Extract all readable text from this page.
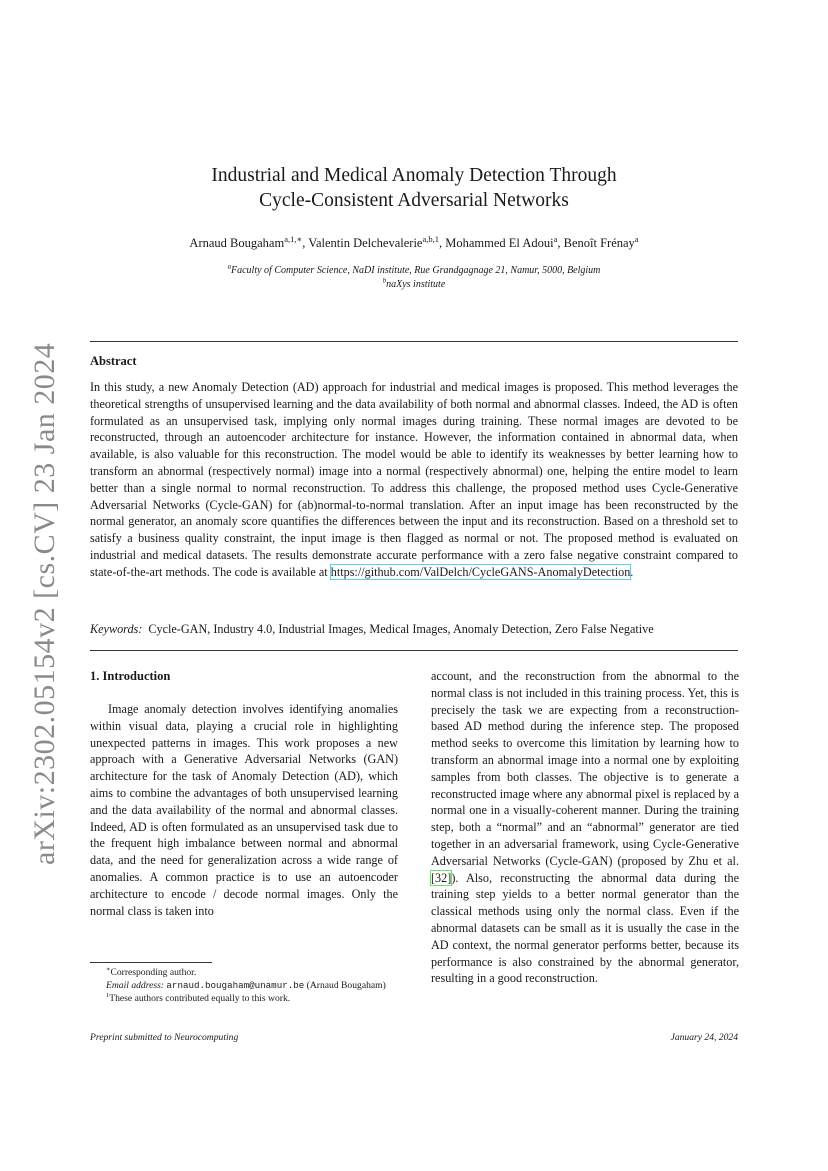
arXiv:2302.05154v2 [cs.CV] 23 Jan 2024
Industrial and Medical Anomaly Detection Through
Cycle-Consistent Adversarial Networks
Arnaud Bougaham$^{a,1,∗}$, Valentin Delchevalerie$^{a,b,1}$, Mohammed El Adoui$^a$, Benoît Frénay$^a$
$^a$Faculty of Computer Science, NaDI institute, Rue Grandgagnage 21, Namur, 5000, Belgium
$^b$naXys institute
Abstract
In this study, a new Anomaly Detection (AD) approach for industrial and medical images is proposed. This method leverages the theoretical strengths of unsupervised learning and the data availability of both normal and abnormal classes. Indeed, the AD is often formulated as an unsupervised task, implying only normal images during training. These normal images are devoted to be reconstructed, through an autoencoder architecture for instance. However, the information contained in abnormal data, when available, is also valuable for this reconstruction. The model would be able to identify its weaknesses by better learning how to transform an abnormal (respectively normal) image into a normal (respectively abnormal) one, helping the entire model to learn better than a single normal to normal reconstruction. To address this challenge, the proposed method uses Cycle-Generative Adversarial Networks (Cycle-GAN) for (ab)normal-to-normal translation. After an input image has been reconstructed by the normal generator, an anomaly score quantifies the differences between the input and its reconstruction. Based on a threshold set to satisfy a business quality constraint, the input image is then flagged as normal or not. The proposed method is evaluated on industrial and medical datasets. The results demonstrate accurate performance with a zero false negative constraint compared to state-of-the-art methods. The code is available at https://github.com/ValDelch/CycleGANS-AnomalyDetection.
Keywords: Cycle-GAN, Industry 4.0, Industrial Images, Medical Images, Anomaly Detection, Zero False Negative
1. Introduction
Image anomaly detection involves identifying anomalies within visual data, playing a crucial role in highlighting unexpected patterns in images. This work proposes a new approach with a Generative Adversarial Networks (GAN) architecture for the task of Anomaly Detection (AD), which aims to combine the advantages of both unsupervised learning and the data availability of the normal and abnormal classes. Indeed, AD is often formulated as an unsupervised task due to the frequent high imbalance between normal and abnormal data, and the need for generalization across a wide range of anomalies. A common practice is to use an autoencoder architecture to encode / decode normal images. Only the normal class is taken into
account, and the reconstruction from the abnormal to the normal class is not included in this training process. Yet, this is precisely the task we are expecting from a reconstruction-based AD method during the inference step. The proposed method seeks to overcome this limitation by learning how to transform an abnormal image into a normal one by exploiting samples from both classes. The objective is to generate a reconstructed image where any abnormal pixel is replaced by a normal one in a visually-coherent manner. During the training step, both a “normal” and an “abnormal” generator are tied together in an adversarial framework, using Cycle-Generative Adversarial Networks (Cycle-GAN) (proposed by Zhu et al. [32]). Also, reconstructing the abnormal data during the training step yields to a better normal generator than the classical methods using only the normal class. Even if the abnormal datasets can be small as it is usually the case in the AD context, the normal generator performs better, because its performance is also constrained by the abnormal generator, resulting in a good reconstruction.

∗Corresponding author.

Email address: arnaud.bougaham@unamur.be (Arnaud Bougaham)

$^1$These authors contributed equally to this work.

Preprint submitted to Neurocomputing	January 24, 2024
